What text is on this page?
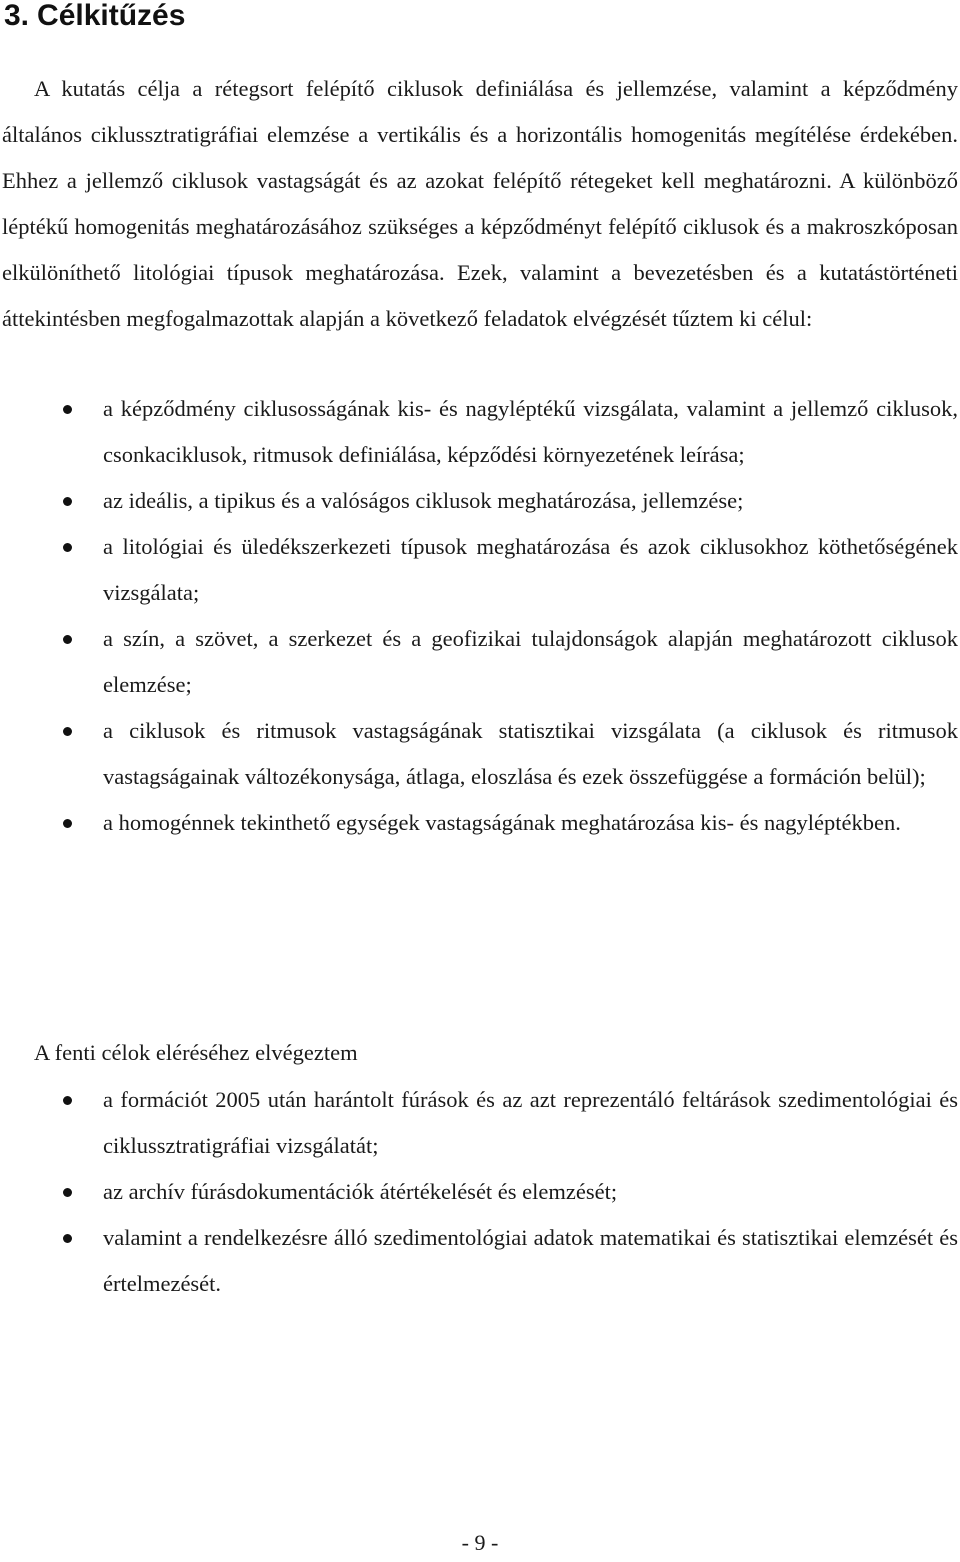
3. Célkitűzés

A kutatás célja a rétegsort felépítő ciklusok definiálása és jellemzése, valamint a képződmény általános ciklussztratigráfiai elemzése a vertikális és a horizontális homogenitás megítélése érdekében. Ehhez a jellemző ciklusok vastagságát és az azokat felépítő rétegeket kell meghatározni. A különböző léptékű homogenitás meghatározásához szükséges a képződményt felépítő ciklusok és a makroszkóposan elkülöníthető litológiai típusok meghatározása. Ezek, valamint a bevezetésben és a kutatástörténeti áttekintésben megfogalmazottak alapján a következő feladatok elvégzését tűztem ki célul:

a képződmény ciklusosságának kis- és nagyléptékű vizsgálata, valamint a jellemző ciklusok, csonkaciklusok, ritmusok definiálása, képződési környezetének leírása;
az ideális, a tipikus és a valóságos ciklusok meghatározása, jellemzése;
a litológiai és üledékszerkezeti típusok meghatározása és azok ciklusokhoz köthetőségének vizsgálata;
a szín, a szövet, a szerkezet és a geofizikai tulajdonságok alapján meghatározott ciklusok elemzése;
a ciklusok és ritmusok vastagságának statisztikai vizsgálata (a ciklusok és ritmusok vastagságainak változékonysága, átlaga, eloszlása és ezek összefüggése a formáción belül);
a homogénnek tekinthető egységek vastagságának meghatározása kis- és nagyléptékben.

A fenti célok eléréséhez elvégeztem

a formációt 2005 után harántolt fúrások és az azt reprezentáló feltárások szedimentológiai és ciklussztratigráfiai vizsgálatát;
az archív fúrásdokumentációk átértékelését és elemzését;
valamint a rendelkezésre álló szedimentológiai adatok matematikai és statisztikai elemzését és értelmezését.
- 9 -
